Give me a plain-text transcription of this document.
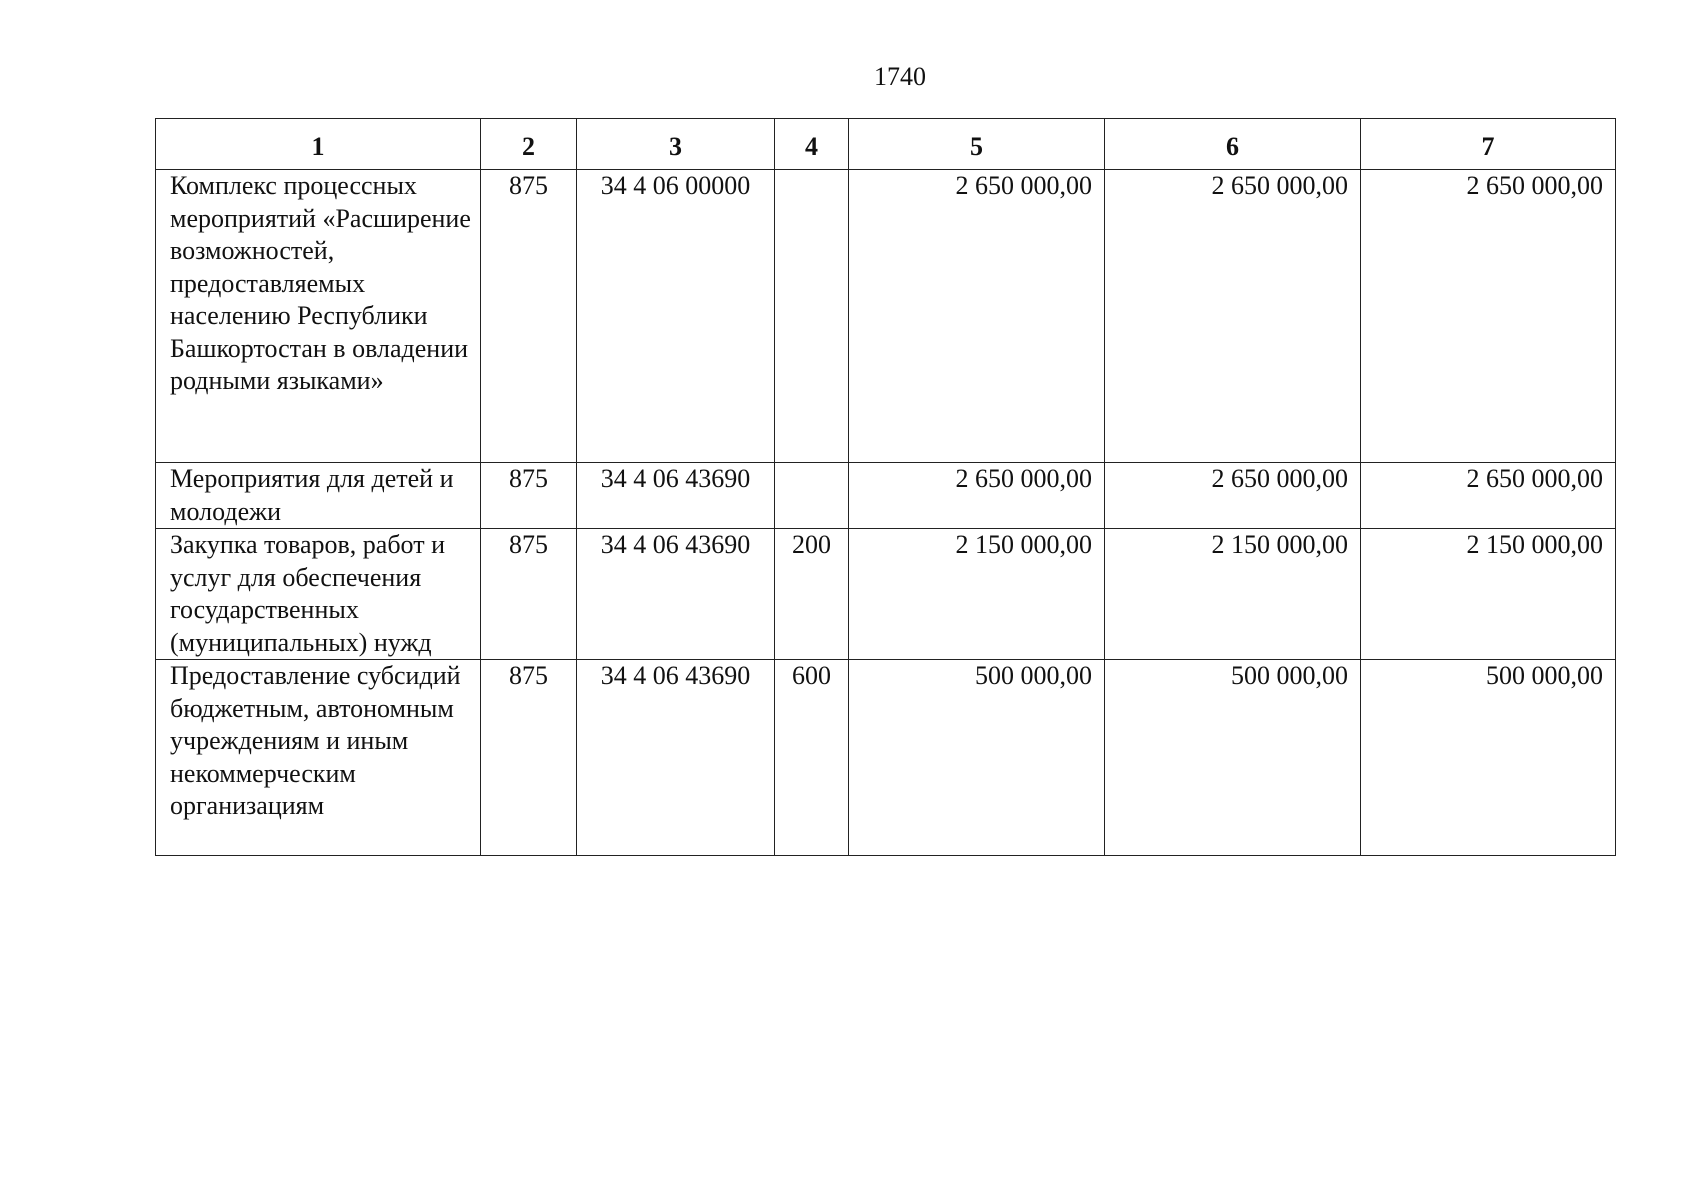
1740
1	2	3	4	5	6	7
Комплекс процессных мероприятий «Расширение возможностей, предоставляемых населению Республики Башкортостан в овладении родными языками»	875	34 4 06 00000		2 650 000,00	2 650 000,00	2 650 000,00
Мероприятия для детей и молодежи	875	34 4 06 43690		2 650 000,00	2 650 000,00	2 650 000,00
Закупка товаров, работ и услуг для обеспечения государственных (муниципальных) нужд	875	34 4 06 43690	200	2 150 000,00	2 150 000,00	2 150 000,00
Предоставление субсидий бюджетным, автономным учреждениям и иным некоммерческим организациям	875	34 4 06 43690	600	500 000,00	500 000,00	500 000,00
